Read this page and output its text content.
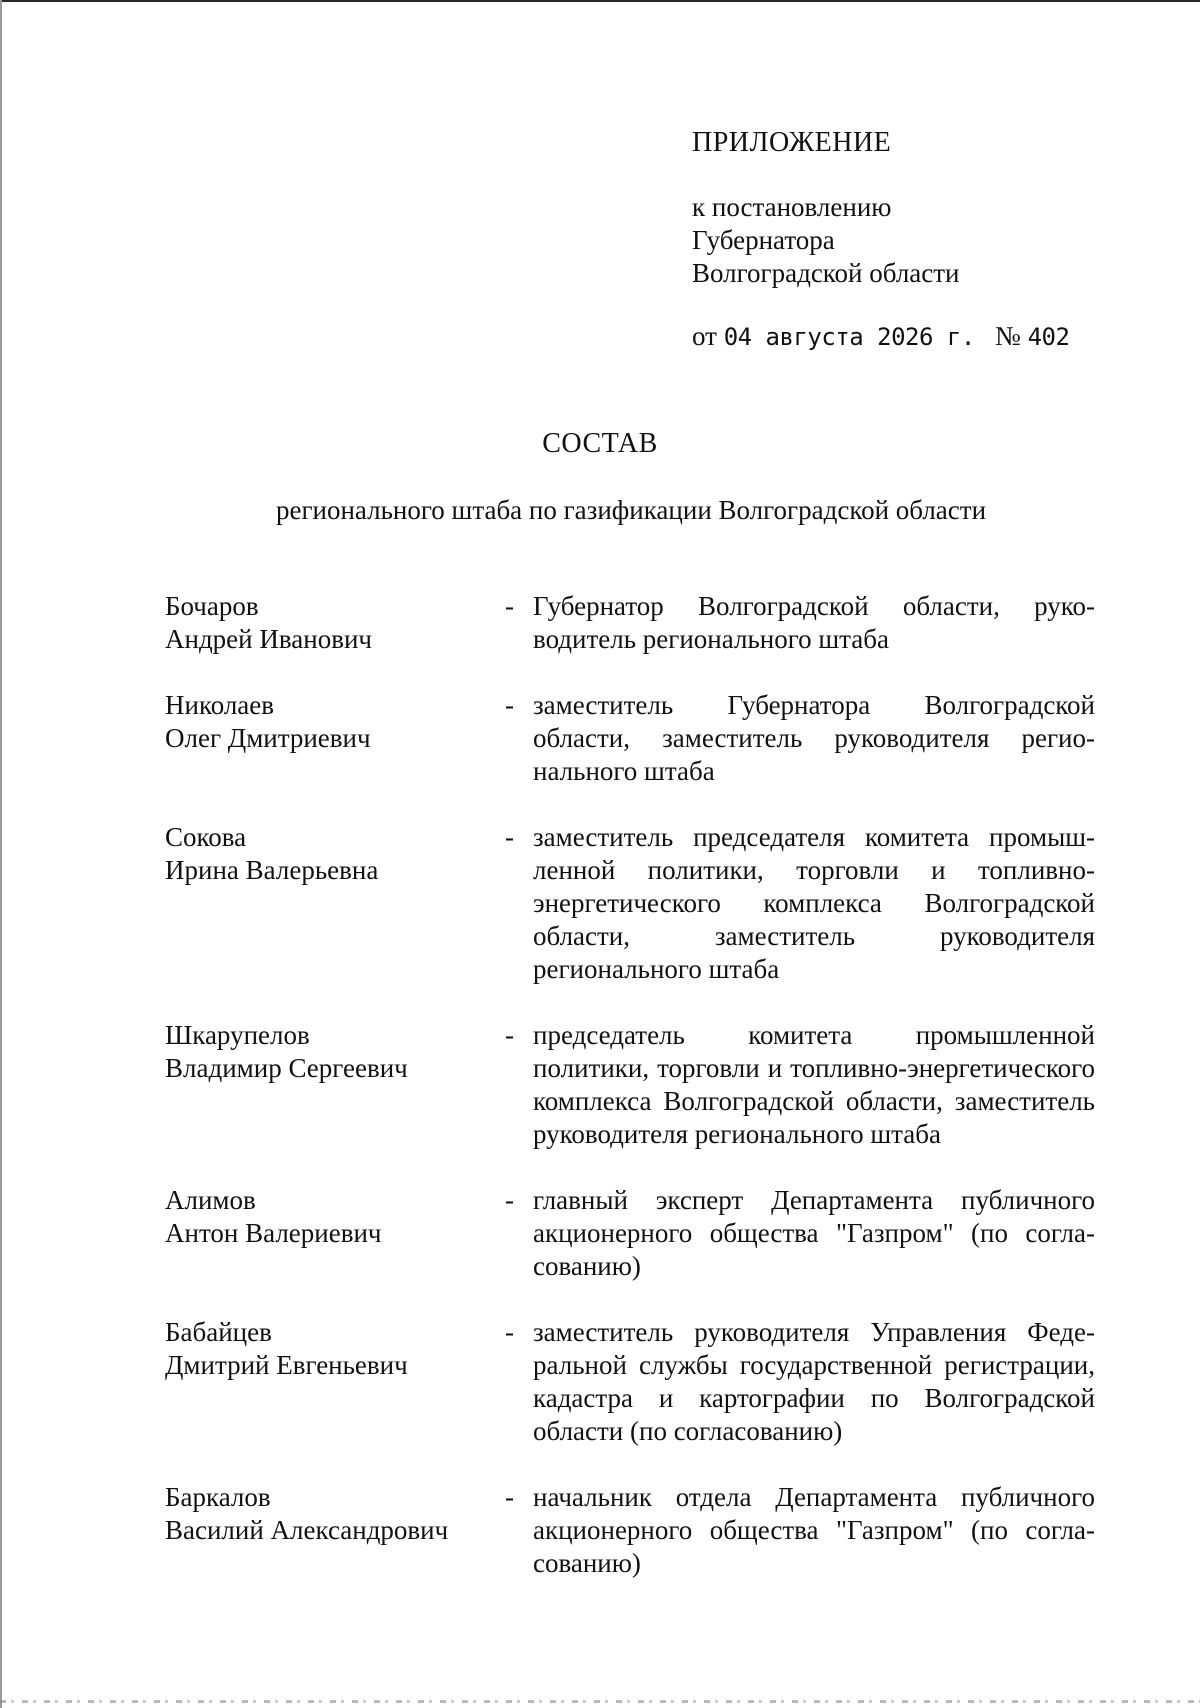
ПРИЛОЖЕНИЕ
к постановлению
Губернатора
Волгоградской области
от 04 августа 2026 г. № 402
СОСТАВ
регионального штаба по газификации Волгоградской области
Бочаров
Андрей Иванович
- Губернатор Волгоградской области, руководитель регионального штаба
Николаев
Олег Дмитриевич
- заместитель Губернатора Волгоградской области, заместитель руководителя регионального штаба
Сокова
Ирина Валерьевна
- заместитель председателя комитета промышленной политики, торговли и топливно-энергетического комплекса Волгоградской области, заместитель руководителя регионального штаба
Шкарупелов
Владимир Сергеевич
- председатель комитета промышленной политики, торговли и топливно-энергетического комплекса Волгоградской области, заместитель руководителя регионального штаба
Алимов
Антон Валериевич
- главный эксперт Департамента публичного акционерного общества "Газпром" (по согласованию)
Бабайцев
Дмитрий Евгеньевич
- заместитель руководителя Управления Федеральной службы государственной регистрации, кадастра и картографии по Волгоградской области (по согласованию)
Баркалов
Василий Александрович
- начальник отдела Департамента публичного акционерного общества "Газпром" (по согласованию)
